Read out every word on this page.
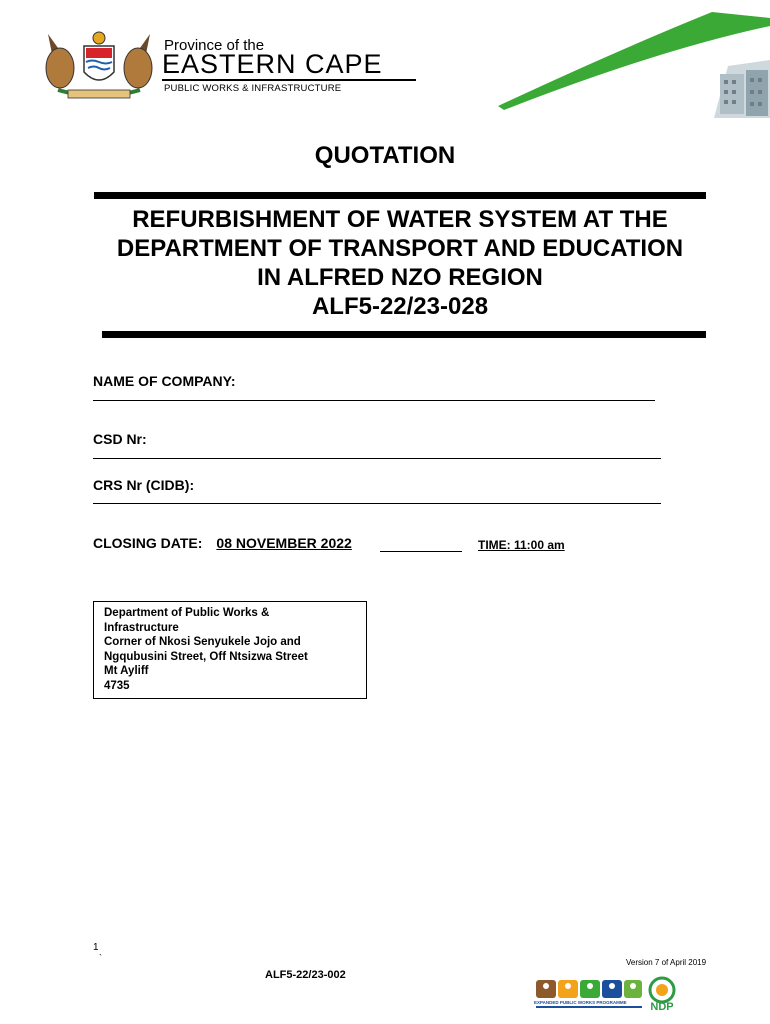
Province of the
EASTERN CAPE
PUBLIC WORKS & INFRASTRUCTURE
QUOTATION
REFURBISHMENT OF WATER SYSTEM AT THE
DEPARTMENT OF TRANSPORT AND EDUCATION
IN ALFRED NZO REGION
ALF5-22/23-028
NAME OF COMPANY:
CSD Nr:
CRS Nr (CIDB):
CLOSING DATE: 08 NOVEMBER 2022	TIME: 11:00 am
Department of Public Works &
Infrastructure
Corner of Nkosi Senyukele Jojo and
Ngqubusini Street, Off Ntsizwa Street
Mt Ayliff
4735
1
`	Version 7 of April 2019
ALF5-22/23-002
EXPANDED PUBLIC WORKS PROGRAMME NDP
